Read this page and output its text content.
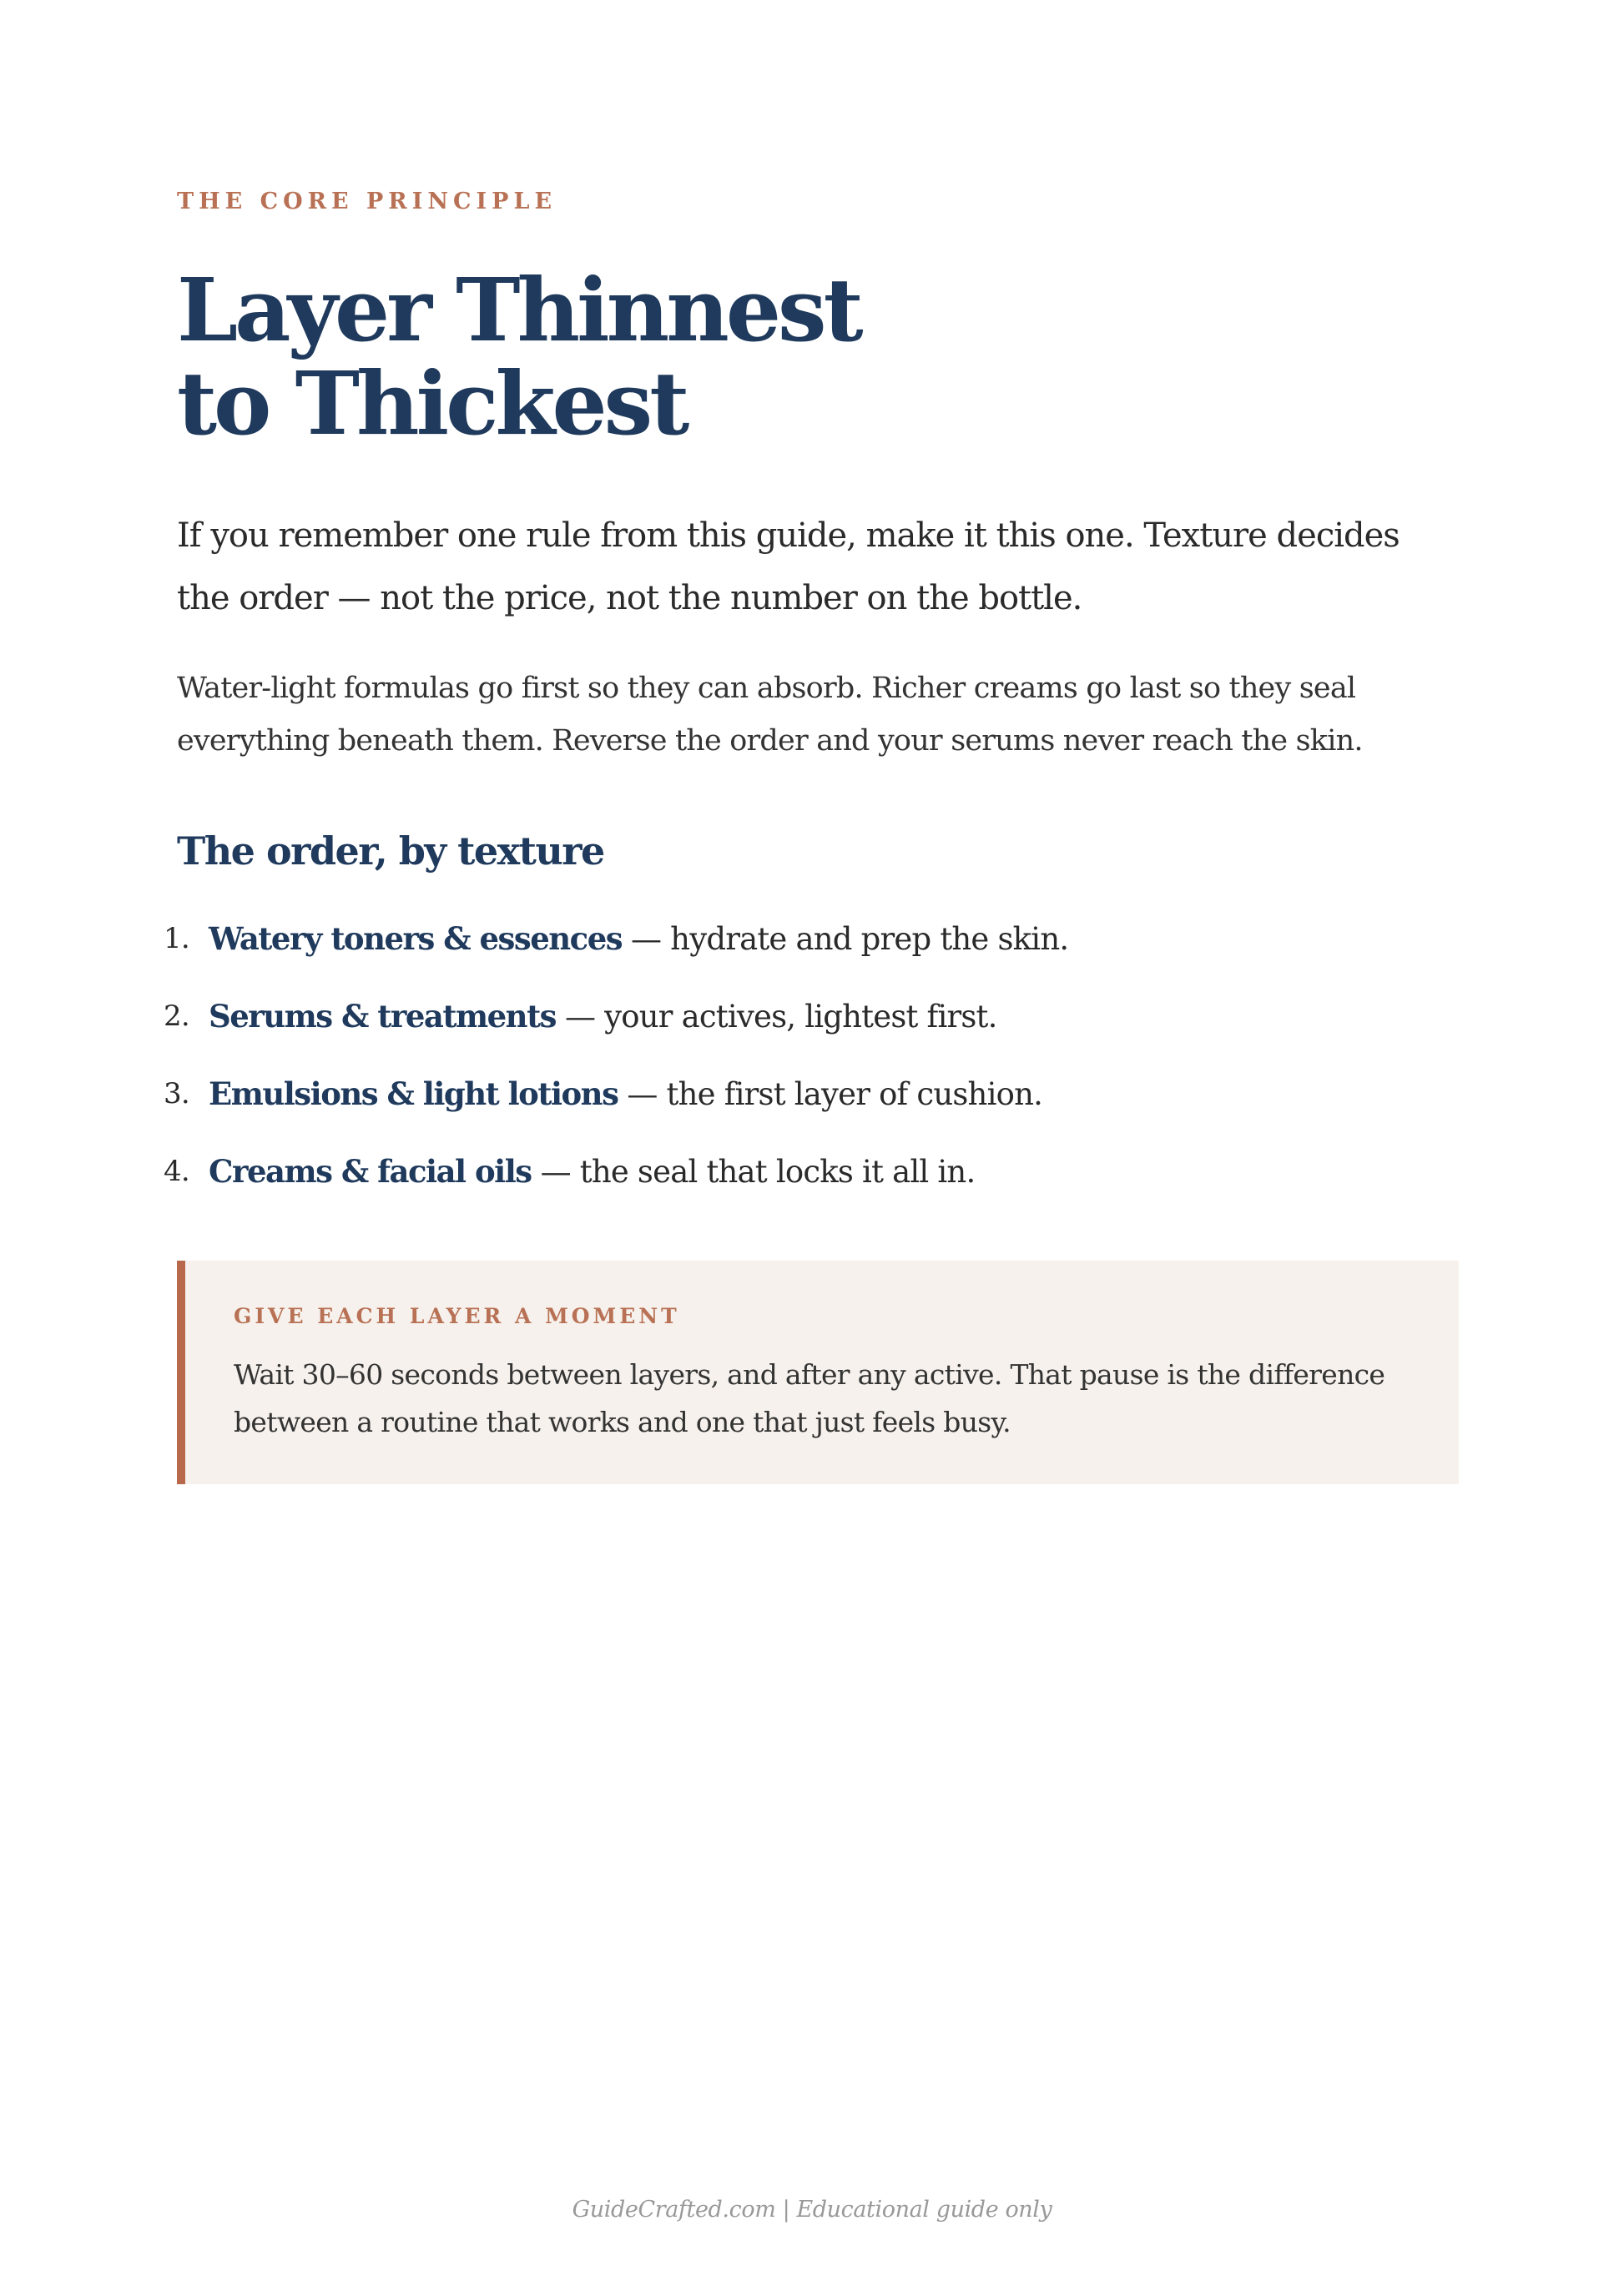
THE CORE PRINCIPLE
Layer Thinnest
to Thickest

If you remember one rule from this guide, make it this one. Texture decides the order — not the price, not the number on the bottle.

Water-light formulas go first so they can absorb. Richer creams go last so they seal everything beneath them. Reverse the order and your serums never reach the skin.

The order, by texture
1. Watery toners & essences — hydrate and prep the skin.
2. Serums & treatments — your actives, lightest first.
3. Emulsions & light lotions — the first layer of cushion.
4. Creams & facial oils — the seal that locks it all in.
GIVE EACH LAYER A MOMENT

Wait 30–60 seconds between layers, and after any active. That pause is the difference between a routine that works and one that just feels busy.

GuideCrafted.com | Educational guide only
